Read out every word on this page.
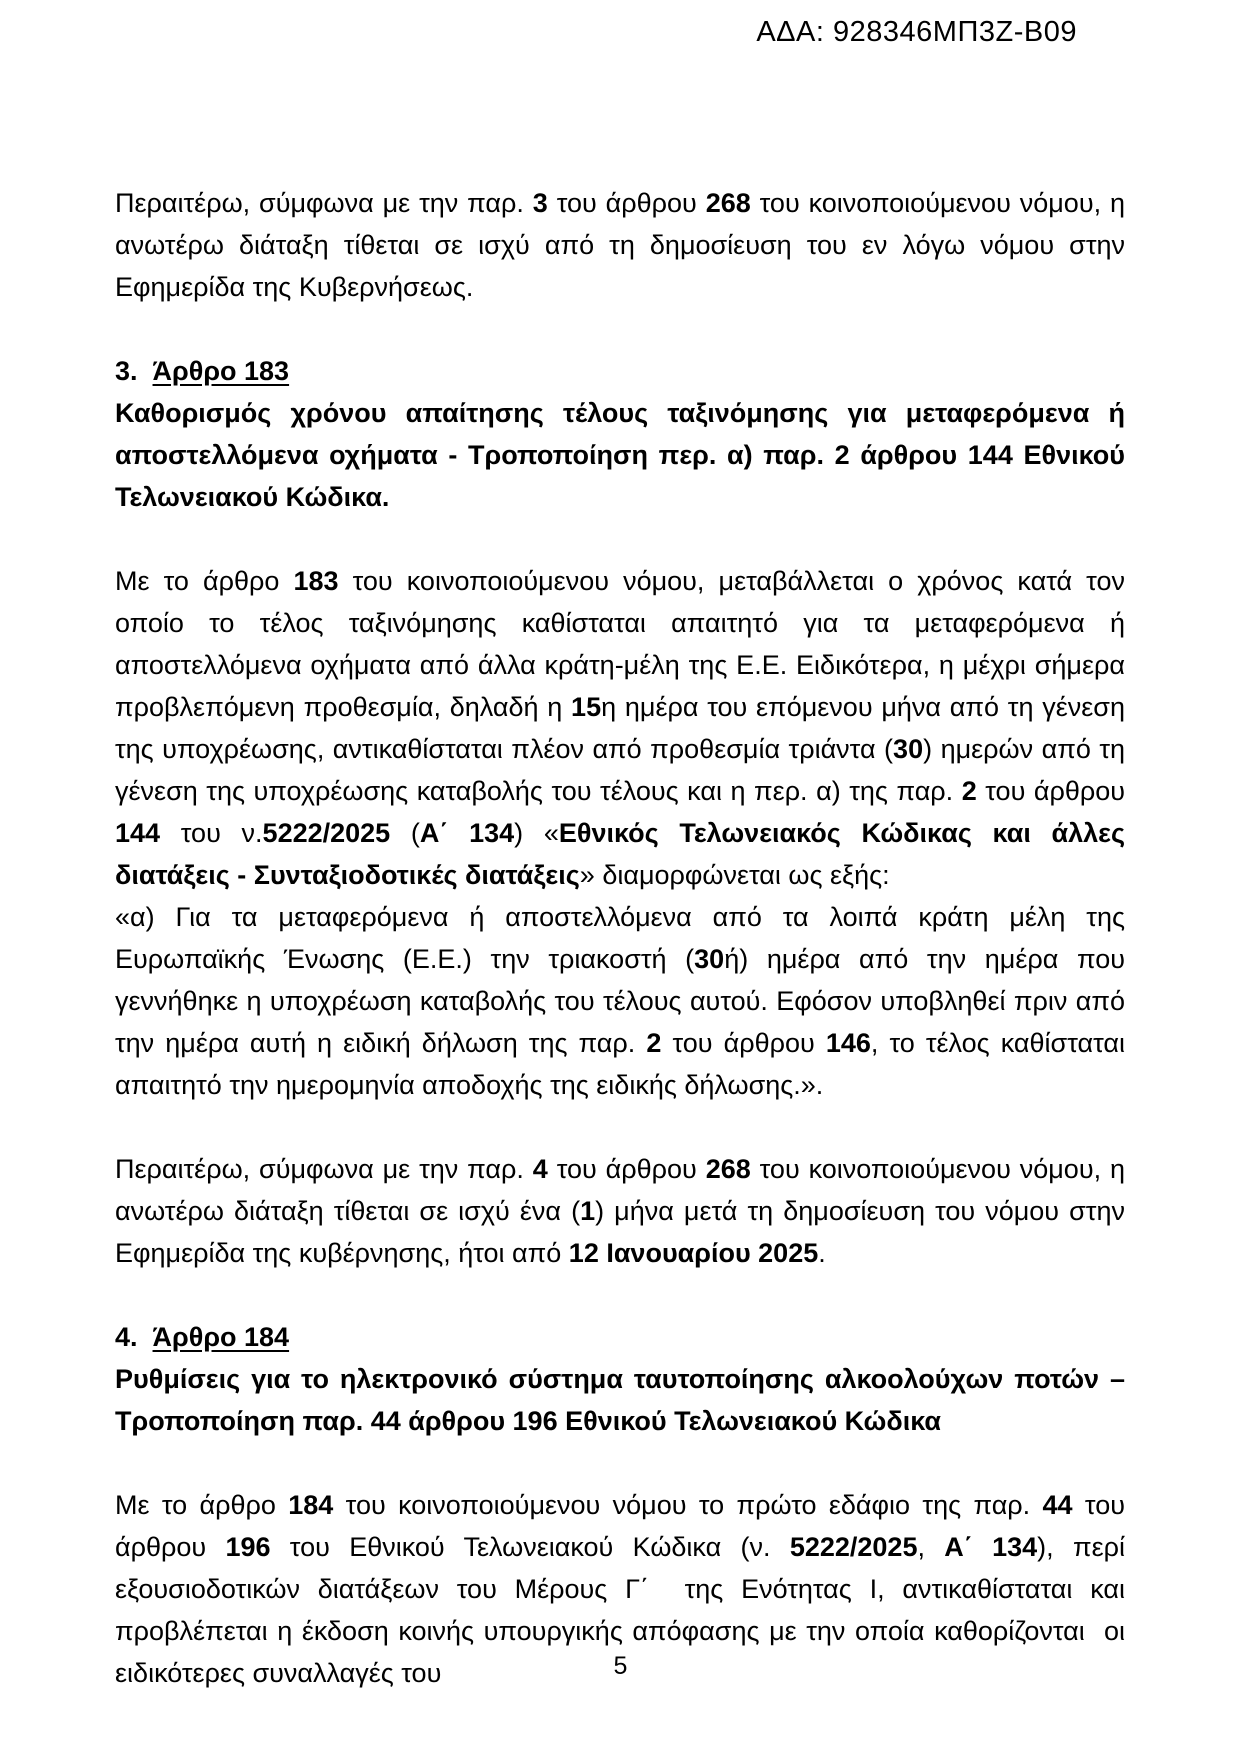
ΑΔΑ: 928346ΜΠ3Ζ-Β09
Περαιτέρω, σύμφωνα με την παρ. 3 του άρθρου 268 του κοινοποιούμενου νόμου, η ανωτέρω διάταξη τίθεται σε ισχύ από τη δημοσίευση του εν λόγω νόμου στην Εφημερίδα της Κυβερνήσεως.
3.  Άρθρο 183
Καθορισμός χρόνου απαίτησης τέλους ταξινόμησης για μεταφερόμενα ή αποστελλόμενα οχήματα - Τροποποίηση περ. α) παρ. 2 άρθρου 144 Εθνικού Τελωνειακού Κώδικα.
Με το άρθρο 183 του κοινοποιούμενου νόμου, μεταβάλλεται ο χρόνος κατά τον οποίο το τέλος ταξινόμησης καθίσταται απαιτητό για τα μεταφερόμενα ή αποστελλόμενα οχήματα από άλλα κράτη-μέλη της Ε.Ε. Ειδικότερα, η μέχρι σήμερα προβλεπόμενη προθεσμία, δηλαδή η 15η ημέρα του επόμενου μήνα από τη γένεση της υποχρέωσης, αντικαθίσταται πλέον από προθεσμία τριάντα (30) ημερών από τη γένεση της υποχρέωσης καταβολής του τέλους και η περ. α) της παρ. 2 του άρθρου 144 του ν.5222/2025 (Α΄ 134) «Εθνικός Τελωνειακός Κώδικας και άλλες διατάξεις - Συνταξιοδοτικές διατάξεις» διαμορφώνεται ως εξής:
«α) Για τα μεταφερόμενα ή αποστελλόμενα από τα λοιπά κράτη μέλη της Ευρωπαϊκής Ένωσης (Ε.Ε.) την τριακοστή (30ή) ημέρα από την ημέρα που γεννήθηκε η υποχρέωση καταβολής του τέλους αυτού. Εφόσον υποβληθεί πριν από την ημέρα αυτή η ειδική δήλωση της παρ. 2 του άρθρου 146, το τέλος καθίσταται απαιτητό την ημερομηνία αποδοχής της ειδικής δήλωσης.».
Περαιτέρω, σύμφωνα με την παρ. 4 του άρθρου 268 του κοινοποιούμενου νόμου, η ανωτέρω διάταξη τίθεται σε ισχύ ένα (1) μήνα μετά τη δημοσίευση του νόμου στην Εφημερίδα της κυβέρνησης, ήτοι από 12 Ιανουαρίου 2025.
4.  Άρθρο 184
Ρυθμίσεις για το ηλεκτρονικό σύστημα ταυτοποίησης αλκοολούχων ποτών – Τροποποίηση παρ. 44 άρθρου 196 Εθνικού Τελωνειακού Κώδικα
Με το άρθρο 184 του κοινοποιούμενου νόμου το πρώτο εδάφιο της παρ. 44 του άρθρου 196 του Εθνικού Τελωνειακού Κώδικα (ν. 5222/2025, Α΄ 134), περί εξουσιοδοτικών διατάξεων του Μέρους Γ΄  της Ενότητας Ι, αντικαθίσταται και προβλέπεται η έκδοση κοινής υπουργικής απόφασης με την οποία καθορίζονται  οι ειδικότερες συναλλαγές του	5
